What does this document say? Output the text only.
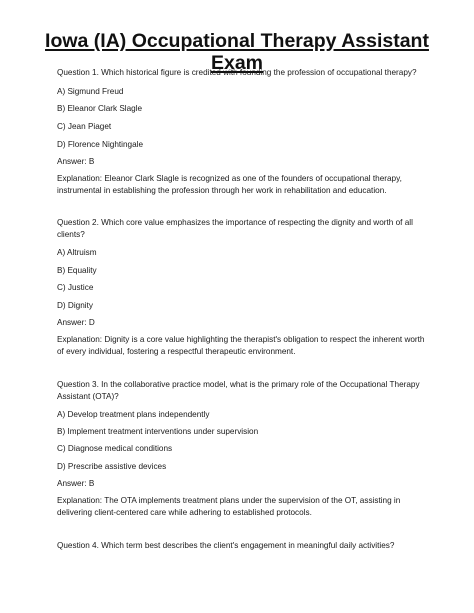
Iowa (IA) Occupational Therapy Assistant
Exam
Question 1. Which historical figure is credited with founding the profession of occupational therapy?
A) Sigmund Freud
B) Eleanor Clark Slagle
C) Jean Piaget
D) Florence Nightingale
Answer: B
Explanation: Eleanor Clark Slagle is recognized as one of the founders of occupational therapy,
instrumental in establishing the profession through her work in rehabilitation and education.
Question 2. Which core value emphasizes the importance of respecting the dignity and worth of all
clients?
A) Altruism
B) Equality
C) Justice
D) Dignity
Answer: D
Explanation: Dignity is a core value highlighting the therapist's obligation to respect the inherent worth
of every individual, fostering a respectful therapeutic environment.
Question 3. In the collaborative practice model, what is the primary role of the Occupational Therapy
Assistant (OTA)?
A) Develop treatment plans independently
B) Implement treatment interventions under supervision
C) Diagnose medical conditions
D) Prescribe assistive devices
Answer: B
Explanation: The OTA implements treatment plans under the supervision of the OT, assisting in
delivering client-centered care while adhering to established protocols.
Question 4. Which term best describes the client's engagement in meaningful daily activities?
